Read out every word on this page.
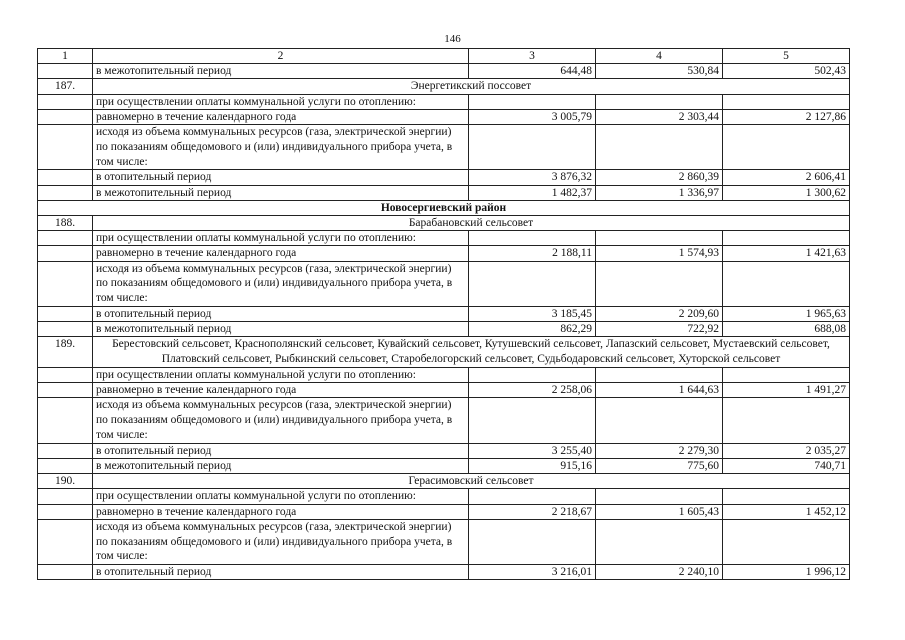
146
1	2	3	4	5
	в межотопительный период	644,48	530,84	502,43
187.	Энергетикский поссовет			
	при осуществлении оплаты коммунальной услуги по отоплению:			
	равномерно в течение календарного года	3 005,79	2 303,44	2 127,86
	исходя из объема коммунальных ресурсов (газа, электрической энергии) по показаниям общедомового и (или) индивидуального прибора учета, в том числе:			
	в отопительный период	3 876,32	2 860,39	2 606,41
	в межотопительный период	1 482,37	1 336,97	1 300,62
Новосергиевский район				
188.	Барабановский сельсовет			
	при осуществлении оплаты коммунальной услуги по отоплению:			
	равномерно в течение календарного года	2 188,11	1 574,93	1 421,63
	исходя из объема коммунальных ресурсов (газа, электрической энергии) по показаниям общедомового и (или) индивидуального прибора учета, в том числе:			
	в отопительный период	3 185,45	2 209,60	1 965,63
	в межотопительный период	862,29	722,92	688,08
189.	Берестовский сельсовет, Краснополянский сельсовет, Кувайский сельсовет, Кутушевский сельсовет, Лапазский сельсовет, Мустаевский сельсовет, Платовский сельсовет, Рыбкинский сельсовет, Старобелогорский сельсовет, Судьбодаровский сельсовет, Хуторской сельсовет			
	при осуществлении оплаты коммунальной услуги по отоплению:			
	равномерно в течение календарного года	2 258,06	1 644,63	1 491,27
	исходя из объема коммунальных ресурсов (газа, электрической энергии) по показаниям общедомового и (или) индивидуального прибора учета, в том числе:			
	в отопительный период	3 255,40	2 279,30	2 035,27
	в межотопительный период	915,16	775,60	740,71
190.	Герасимовский сельсовет			
	при осуществлении оплаты коммунальной услуги по отоплению:			
	равномерно в течение календарного года	2 218,67	1 605,43	1 452,12
	исходя из объема коммунальных ресурсов (газа, электрической энергии) по показаниям общедомового и (или) индивидуального прибора учета, в том числе:			
	в отопительный период	3 216,01	2 240,10	1 996,12
